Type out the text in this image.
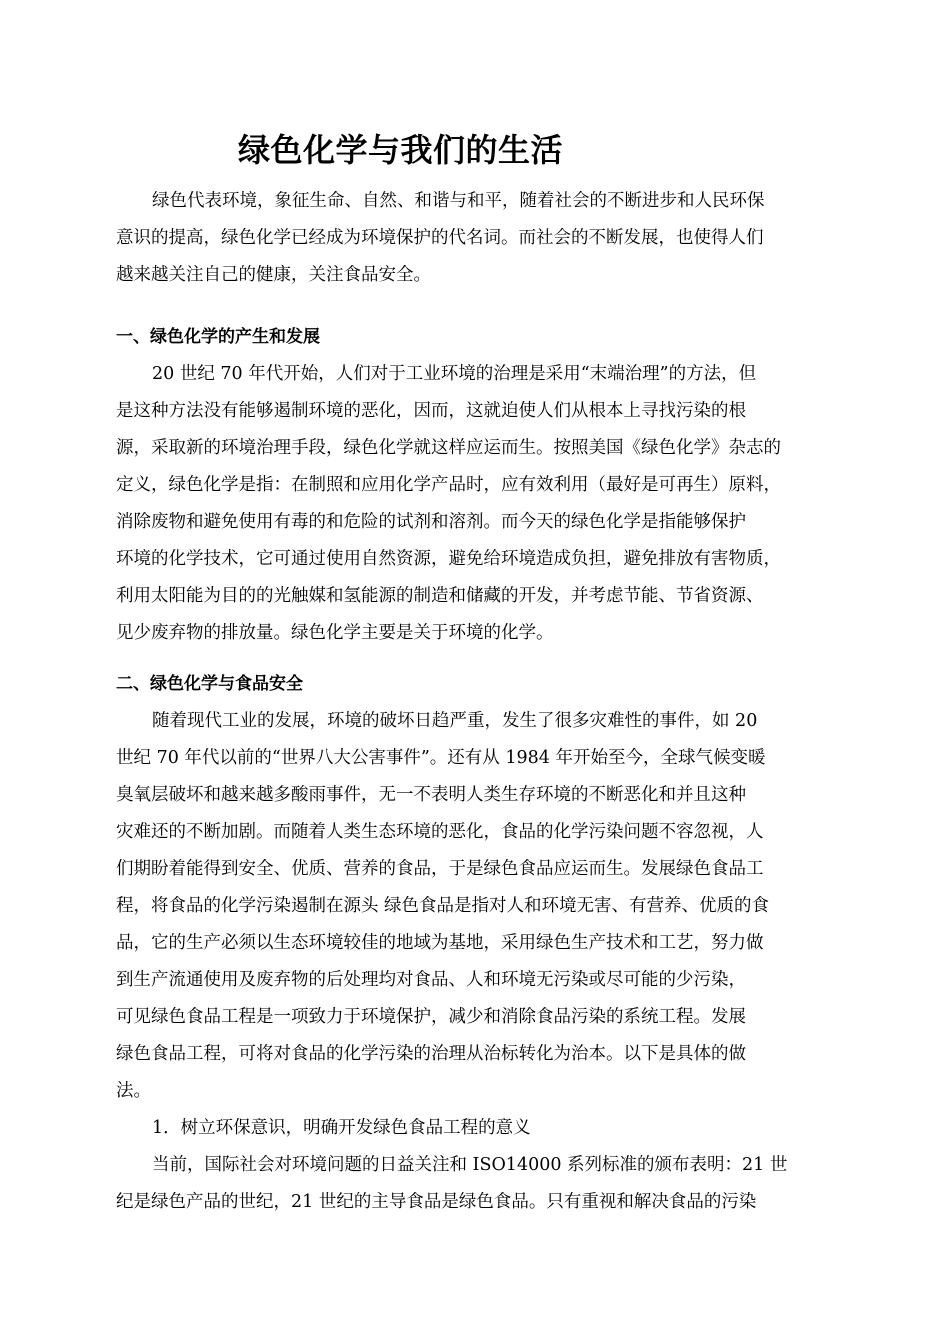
绿色化学与我们的生活
绿色代表环境，象征生命、自然、和谐与和平，随着社会的不断进步和人民环保
意识的提高，绿色化学已经成为环境保护的代名词。而社会的不断发展，也使得人们
越来越关注自己的健康，关注食品安全。
一、绿色化学的产生和发展
20 世纪 70 年代开始，人们对于工业环境的治理是采用“末端治理”的方法，但
是这种方法没有能够遏制环境的恶化，因而，这就迫使人们从根本上寻找污染的根
源，采取新的环境治理手段，绿色化学就这样应运而生。按照美国《绿色化学》杂志的
定义，绿色化学是指：在制照和应用化学产品时，应有效利用（最好是可再生）原料，
消除废物和避免使用有毒的和危险的试剂和溶剂。而今天的绿色化学是指能够保护
环境的化学技术，它可通过使用自然资源，避免给环境造成负担，避免排放有害物质，
利用太阳能为目的的光触媒和氢能源的制造和储藏的开发，并考虑节能、节省资源、
见少废弃物的排放量。绿色化学主要是关于环境的化学。
二、绿色化学与食品安全
随着现代工业的发展，环境的破坏日趋严重，发生了很多灾难性的事件，如 20
世纪 70 年代以前的“世界八大公害事件”。还有从 1984 年开始至今，全球气候变暖
臭氧层破坏和越来越多酸雨事件，无一不表明人类生存环境的不断恶化和并且这种
灾难还的不断加剧。而随着人类生态环境的恶化，食品的化学污染问题不容忽视，人
们期盼着能得到安全、优质、营养的食品，于是绿色食品应运而生。发展绿色食品工
程，将食品的化学污染遏制在源头 绿色食品是指对人和环境无害、有营养、优质的食
品，它的生产必须以生态环境较佳的地域为基地，采用绿色生产技术和工艺，努力做
到生产流通使用及废弃物的后处理均对食品、人和环境无污染或尽可能的少污染，
可见绿色食品工程是一项致力于环境保护，减少和消除食品污染的系统工程。发展
绿色食品工程，可将对食品的化学污染的治理从治标转化为治本。以下是具体的做
法。
1．树立环保意识，明确开发绿色食品工程的意义
当前，国际社会对环境问题的日益关注和 ISO14000 系列标准的颁布表明：21 世
纪是绿色产品的世纪，21 世纪的主导食品是绿色食品。只有重视和解决食品的污染
